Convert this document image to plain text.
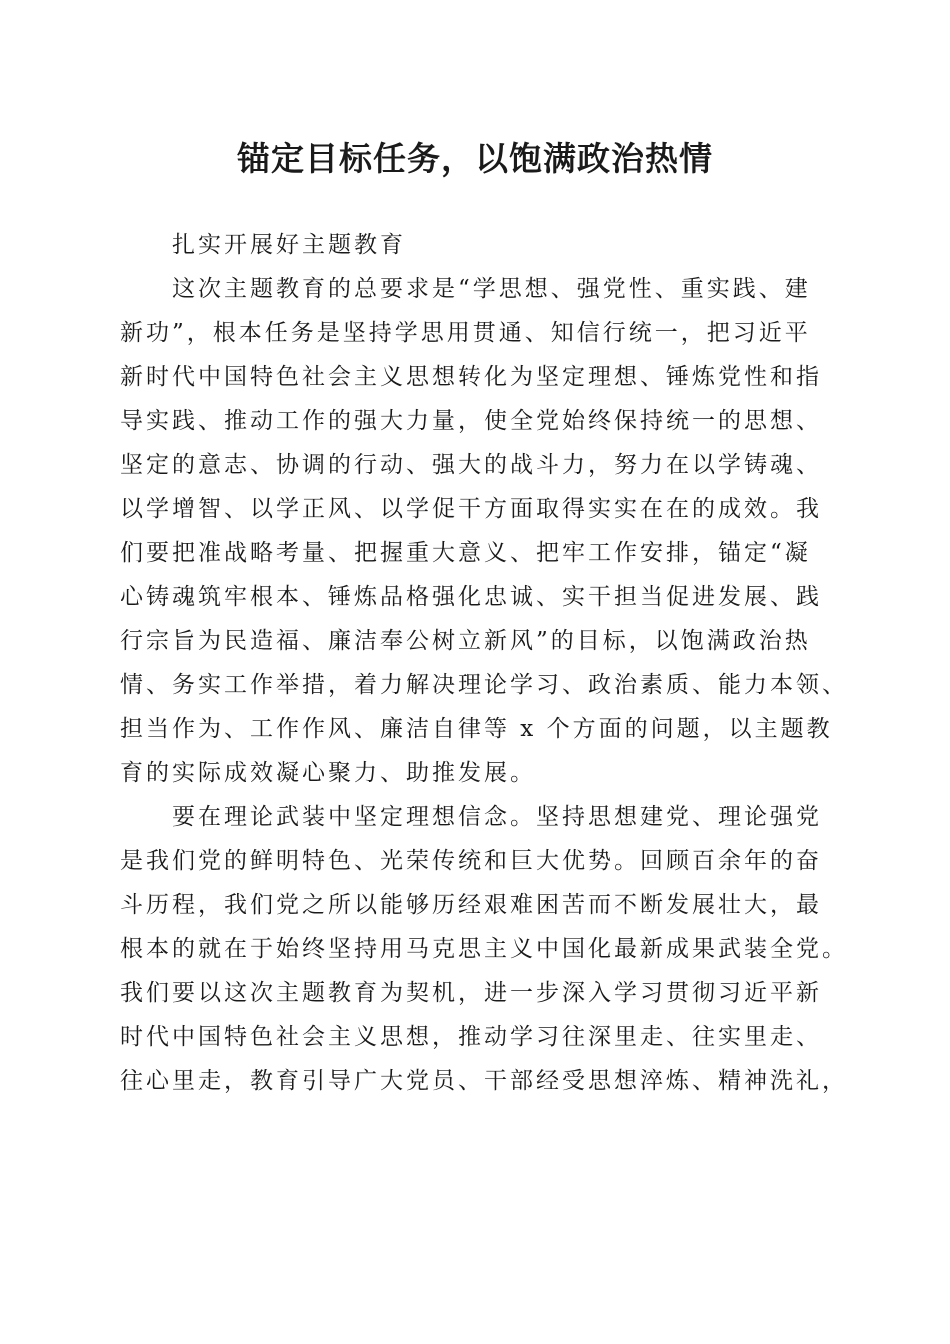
锚定目标任务，以饱满政治热情
扎实开展好主题教育
这次主题教育的总要求是“学思想、强党性、重实践、建
新功”，根本任务是坚持学思用贯通、知信行统一，把习近平
新时代中国特色社会主义思想转化为坚定理想、锤炼党性和指
导实践、推动工作的强大力量，使全党始终保持统一的思想、
坚定的意志、协调的行动、强大的战斗力，努力在以学铸魂、
以学增智、以学正风、以学促干方面取得实实在在的成效。我
们要把准战略考量、把握重大意义、把牢工作安排，锚定“凝
心铸魂筑牢根本、锤炼品格强化忠诚、实干担当促进发展、践
行宗旨为民造福、廉洁奉公树立新风”的目标，以饱满政治热
情、务实工作举措，着力解决理论学习、政治素质、能力本领、
担当作为、工作作风、廉洁自律等 x 个方面的问题，以主题教
育的实际成效凝心聚力、助推发展。
要在理论武装中坚定理想信念。坚持思想建党、理论强党
是我们党的鲜明特色、光荣传统和巨大优势。回顾百余年的奋
斗历程，我们党之所以能够历经艰难困苦而不断发展壮大，最
根本的就在于始终坚持用马克思主义中国化最新成果武装全党。
我们要以这次主题教育为契机，进一步深入学习贯彻习近平新
时代中国特色社会主义思想，推动学习往深里走、往实里走、
往心里走，教育引导广大党员、干部经受思想淬炼、精神洗礼，
